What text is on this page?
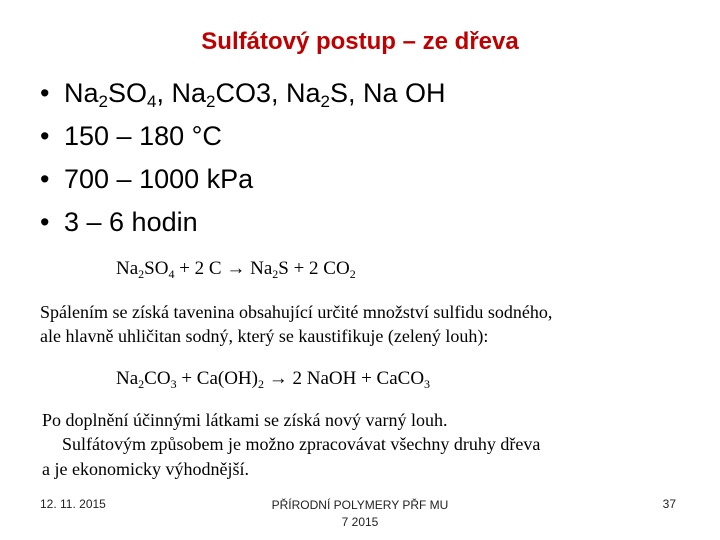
Sulfátový postup – ze dřeva
• $Na_2SO_4$, $Na_2CO3$, $Na_2S$, Na OH
• 150 – 180 °C
• 700 – 1000 kPa
• 3 – 6 hodin
$Na_2SO_4 + 2$ $C \to Na_2S + 2$ $CO_2$
Spálením se získá tavenina obsahující určité množství sulfidu sodného,
ale hlavně uhličitan sodný, který se kaustifikuje (zelený louh):
$Na_2CO_3 + Ca(OH)_2 \to 2$ NaOH + CaCO$_3$
Po doplnění účinnými látkami se získá nový varný louh.
Sulfátovým způsobem je možno zpracovávat všechny druhy dřeva
a je ekonomicky výhodnější.
12. 11. 2015	PŘÍRODNÍ POLYMERY PŘF MU
7 2015
37
